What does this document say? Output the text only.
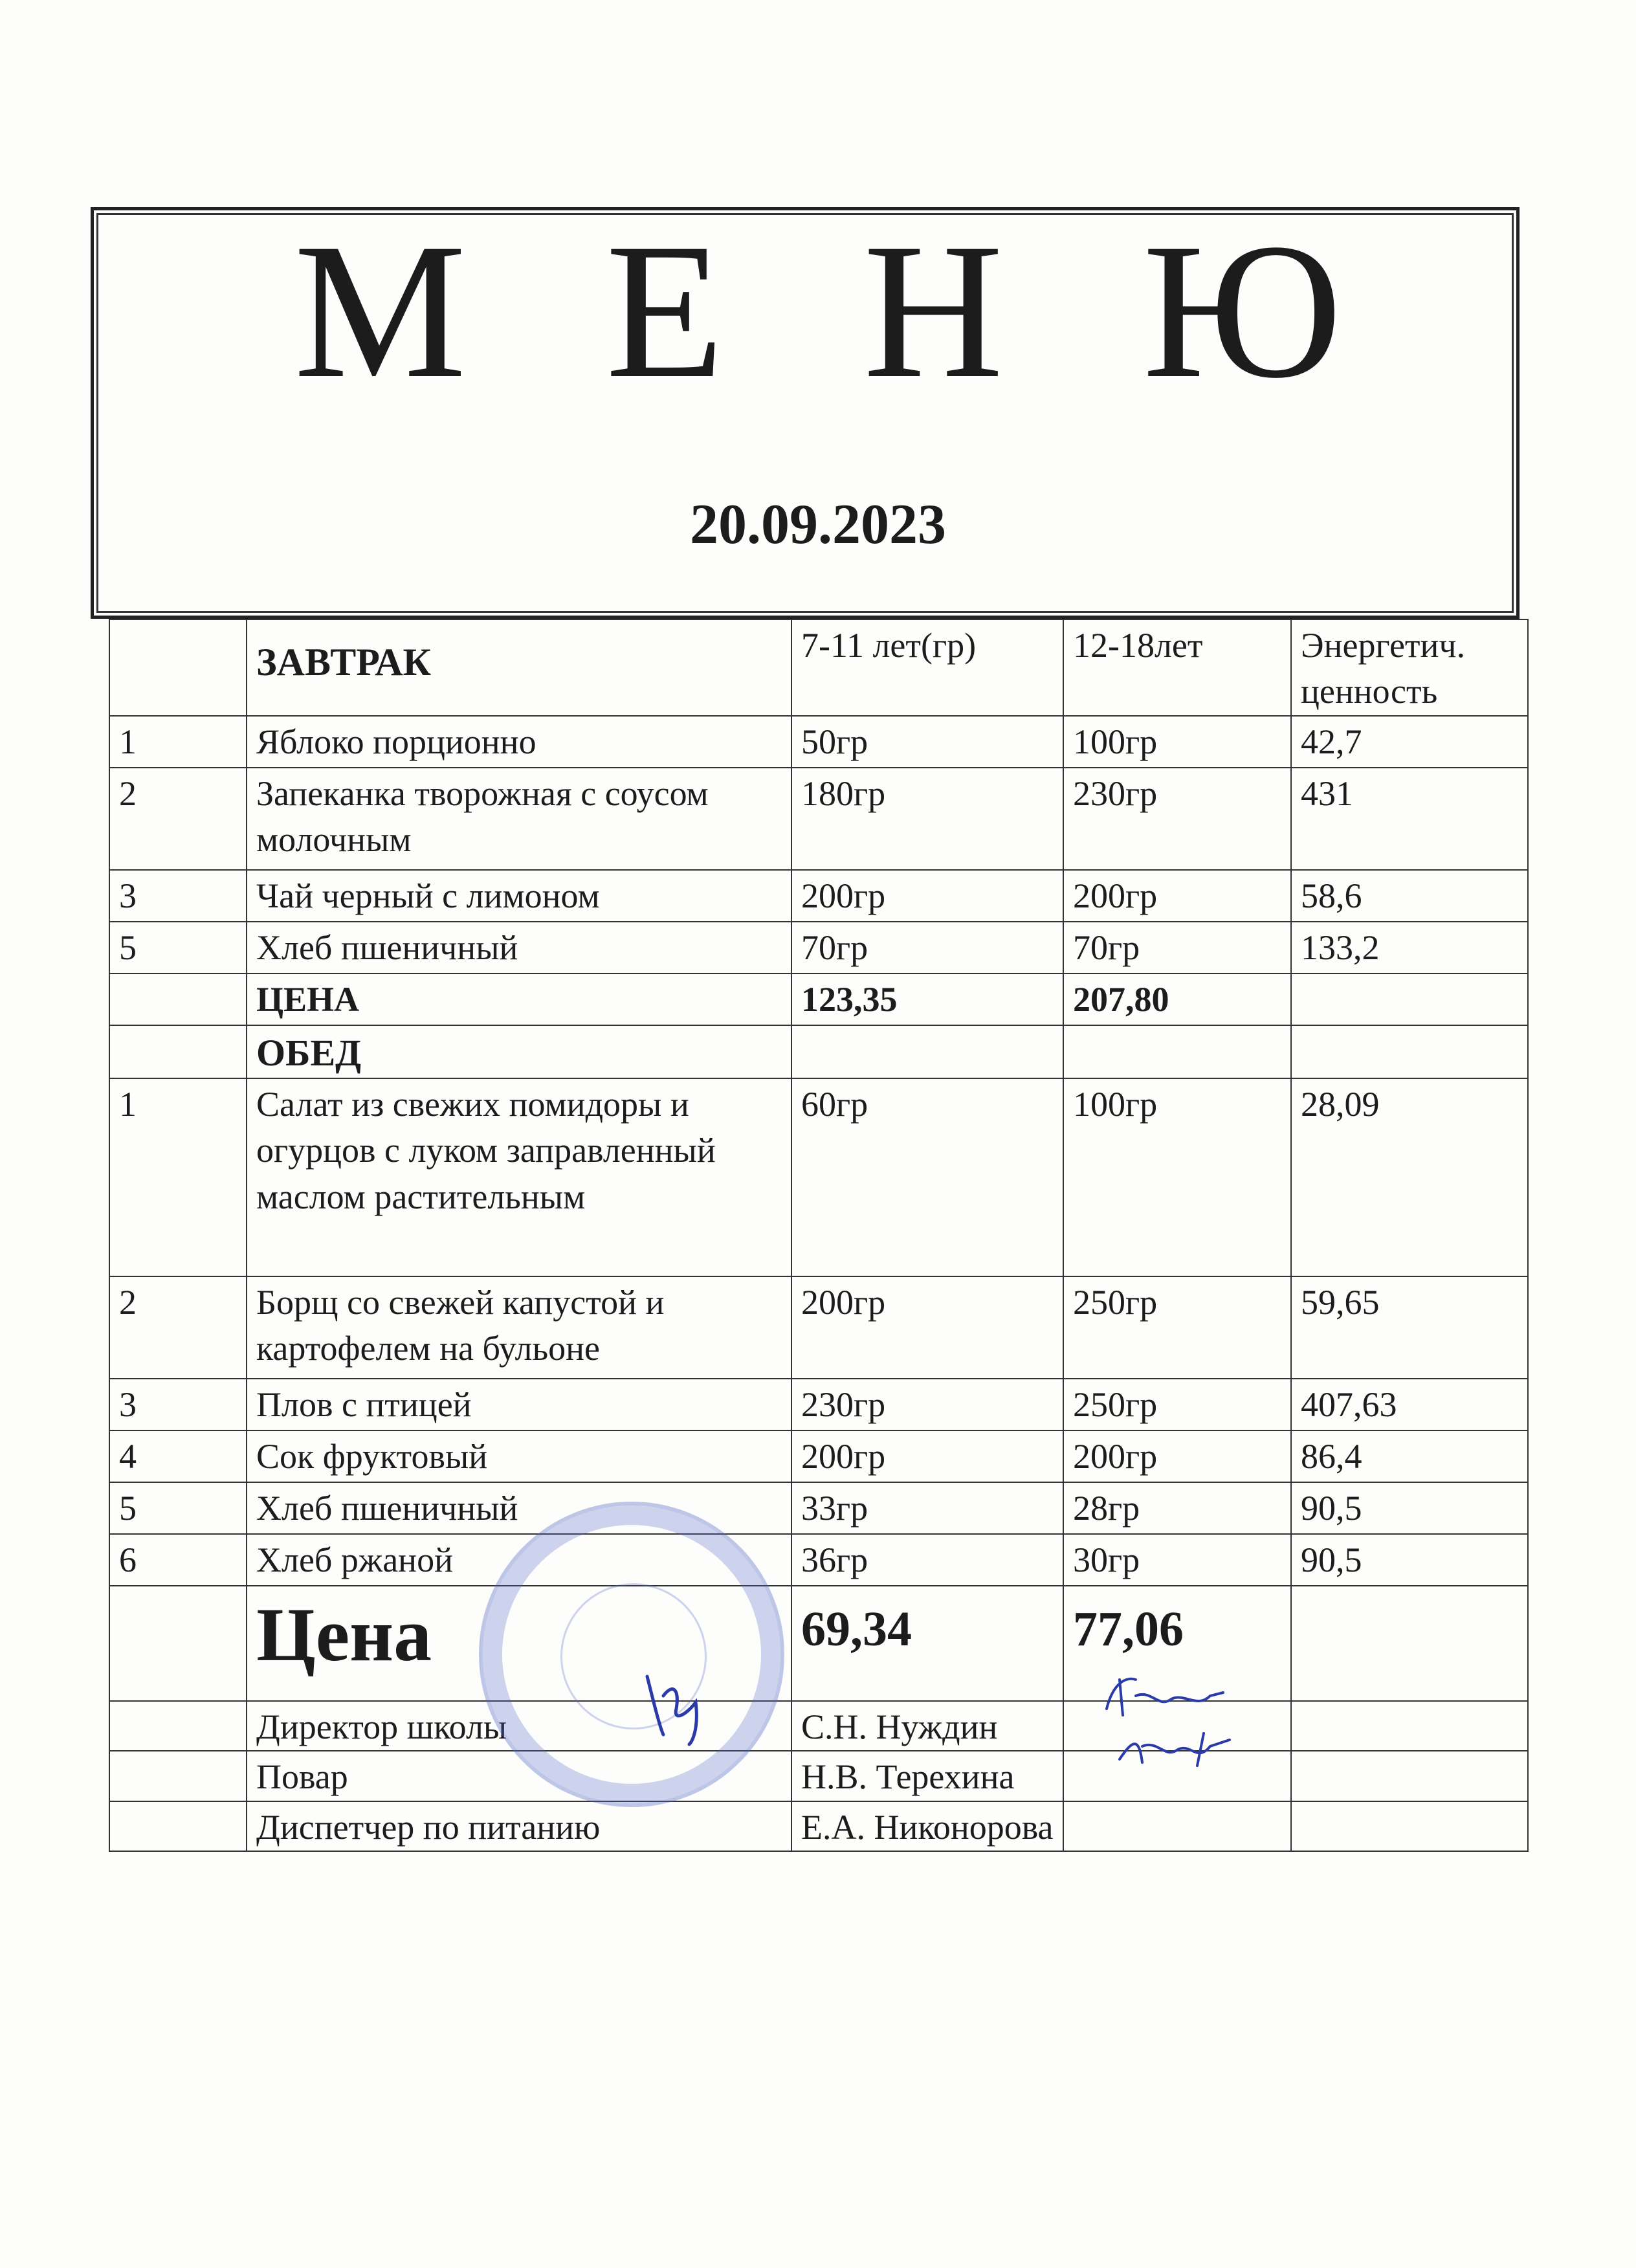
М Е Н Ю
20.09.2023
	ЗАВТРАК	7-11 лет(гр)	12-18лет	Энергетич. ценность
1	Яблоко порционно	50гр	100гр	42,7
2	Запеканка творожная с соусом молочным	180гр	230гр	431
3	Чай черный с лимоном	200гр	200гр	58,6
5	Хлеб пшеничный	70гр	70гр	133,2
	ЦЕНА	123,35	207,80	
	ОБЕД			
1	Салат из свежих помидоры и огурцов с луком заправленный маслом растительным	60гр	100гр	28,09
2	Борщ со свежей капустой и картофелем на бульоне	200гр	250гр	59,65
3	Плов с птицей	230гр	250гр	407,63
4	Сок фруктовый	200гр	200гр	86,4
5	Хлеб пшеничный	33гр	28гр	90,5
6	Хлеб ржаной	36гр	30гр	90,5
	Цена	69,34	77,06	
	Директор школы	С.Н. Нуждин		
	Повар	Н.В. Терехина		
	Диспетчер по питанию	Е.А. Никонорова		
